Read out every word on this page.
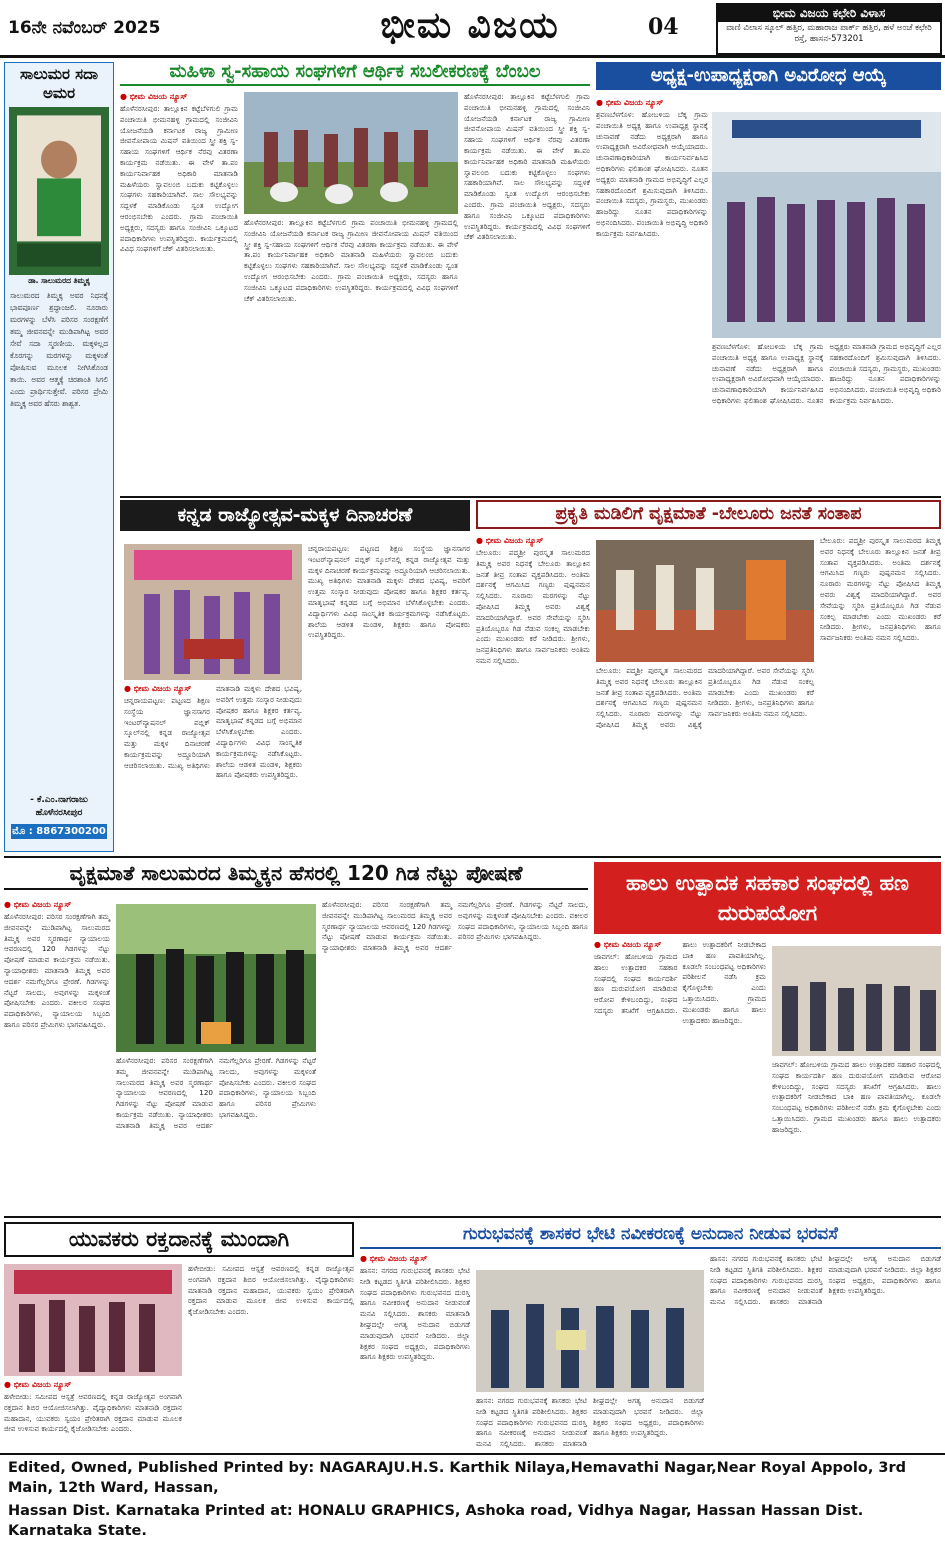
16ನೇ ನವೆಂಬರ್ 2025	ಭೀಮ ವಿಜಯ	04
ಭೀಮ ವಿಜಯ ಕಛೇರಿ ವಿಳಾಸ
ವಾಣಿ ವಿಲಾಸ ಸ್ಕೂಲ್ ಹತ್ತಿರ, ಮಹಾರಾಜ ಪಾರ್ಕ್ ಹತ್ತಿರ, ಹಳೆ ಅಂಚೆ ಕಛೇರಿ ರಸ್ತೆ, ಹಾಸನ-573201
ಸಾಲುಮರ ಸದಾ ಅಮರ
ಡಾ. ಸಾಲುಮರದ ತಿಮ್ಮಕ್ಕ
ಸಾಲುಮರದ ತಿಮ್ಮಕ್ಕ ಅವರ ನಿಧನಕ್ಕೆ ಭಾವಪೂರ್ಣ ಶ್ರದ್ಧಾಂಜಲಿ. ನೂರಾರು ಮರಗಳನ್ನು ಬೆಳೆಸಿ ಪರಿಸರ ಸಂರಕ್ಷಣೆಗೆ ತಮ್ಮ ಜೀವನವನ್ನೇ ಮುಡಿಪಾಗಿಟ್ಟ ಅವರ ಸೇವೆ ಸದಾ ಸ್ಮರಣೀಯ. ಮಕ್ಕಳಿಲ್ಲದ ಕೊರಗನ್ನು ಮರಗಳನ್ನು ಮಕ್ಕಳಂತೆ ಪೋಷಿಸುವ ಮೂಲಕ ನೀಗಿಸಿಕೊಂಡ ತಾಯಿ. ಅವರ ಆತ್ಮಕ್ಕೆ ಚಿರಶಾಂತಿ ಸಿಗಲಿ ಎಂದು ಪ್ರಾರ್ಥಿಸುತ್ತೇವೆ. ಪರಿಸರ ಪ್ರೇಮಿ ತಿಮ್ಮಕ್ಕ ಅವರ ಹೆಸರು ಶಾಶ್ವತ.
- ಕೆ.ಎಂ.ನಾಗರಾಜು ಹೊಳೆನರಸೀಪುರ
ಮೊ : 8867300200
ಮಹಿಳಾ ಸ್ವ-ಸಹಾಯ ಸಂಘಗಳಿಗೆ ಆರ್ಥಿಕ ಸಬಲೀಕರಣಕ್ಕೆ ಬೆಂಬಲ
● ಭೀಮ ವಿಜಯ ನ್ಯೂಸ್
ಹೊಳೆನರಸೀಪುರ: ತಾಲ್ಲೂಕಿನ ಕಟ್ಟೆಬೆಳಗುಲಿ ಗ್ರಾಮ ಪಂಚಾಯಿತಿ ಭೀಮನಹಳ್ಳಿ ಗ್ರಾಮದಲ್ಲಿ ಸಂಜೀವಿನಿ ಯೋಜನೆಯಡಿ ಕರ್ನಾಟಕ ರಾಜ್ಯ ಗ್ರಾಮೀಣ ಜೀವನೋಪಾಯ ಮಿಷನ್ ವತಿಯಿಂದ ಸ್ತ್ರೀ ಶಕ್ತಿ ಸ್ವ-ಸಹಾಯ ಸಂಘಗಳಿಗೆ ಆರ್ಥಿಕ ನೆರವು ವಿತರಣಾ ಕಾರ್ಯಕ್ರಮ ನಡೆಯಿತು. ಈ ವೇಳೆ ತಾ.ಪಂ ಕಾರ್ಯನಿರ್ವಾಹಕ ಅಧಿಕಾರಿ ಮಾತನಾಡಿ ಮಹಿಳೆಯರು ಸ್ವಾವಲಂಬಿ ಬದುಕು ಕಟ್ಟಿಕೊಳ್ಳಲು ಸಂಘಗಳು ಸಹಕಾರಿಯಾಗಿವೆ. ಸಾಲ ಸೌಲಭ್ಯವನ್ನು ಸದ್ಬಳಕೆ ಮಾಡಿಕೊಂಡು ಸ್ವಂತ ಉದ್ಯೋಗ ಆರಂಭಿಸಬೇಕು ಎಂದರು. ಗ್ರಾಮ ಪಂಚಾಯಿತಿ ಅಧ್ಯಕ್ಷರು, ಸದಸ್ಯರು ಹಾಗೂ ಸಂಜೀವಿನಿ ಒಕ್ಕೂಟದ ಪದಾಧಿಕಾರಿಗಳು ಉಪಸ್ಥಿತರಿದ್ದರು. ಕಾರ್ಯಕ್ರಮದಲ್ಲಿ ವಿವಿಧ ಸಂಘಗಳಿಗೆ ಚೆಕ್ ವಿತರಿಸಲಾಯಿತು.
ಹೊಳೆನರಸೀಪುರ: ತಾಲ್ಲೂಕಿನ ಕಟ್ಟೆಬೆಳಗುಲಿ ಗ್ರಾಮ ಪಂಚಾಯಿತಿ ಭೀಮನಹಳ್ಳಿ ಗ್ರಾಮದಲ್ಲಿ ಸಂಜೀವಿನಿ ಯೋಜನೆಯಡಿ ಕರ್ನಾಟಕ ರಾಜ್ಯ ಗ್ರಾಮೀಣ ಜೀವನೋಪಾಯ ಮಿಷನ್ ವತಿಯಿಂದ ಸ್ತ್ರೀ ಶಕ್ತಿ ಸ್ವ-ಸಹಾಯ ಸಂಘಗಳಿಗೆ ಆರ್ಥಿಕ ನೆರವು ವಿತರಣಾ ಕಾರ್ಯಕ್ರಮ ನಡೆಯಿತು. ಈ ವೇಳೆ ತಾ.ಪಂ ಕಾರ್ಯನಿರ್ವಾಹಕ ಅಧಿಕಾರಿ ಮಾತನಾಡಿ ಮಹಿಳೆಯರು ಸ್ವಾವಲಂಬಿ ಬದುಕು ಕಟ್ಟಿಕೊಳ್ಳಲು ಸಂಘಗಳು ಸಹಕಾರಿಯಾಗಿವೆ. ಸಾಲ ಸೌಲಭ್ಯವನ್ನು ಸದ್ಬಳಕೆ ಮಾಡಿಕೊಂಡು ಸ್ವಂತ ಉದ್ಯೋಗ ಆರಂಭಿಸಬೇಕು ಎಂದರು. ಗ್ರಾಮ ಪಂಚಾಯಿತಿ ಅಧ್ಯಕ್ಷರು, ಸದಸ್ಯರು ಹಾಗೂ ಸಂಜೀವಿನಿ ಒಕ್ಕೂಟದ ಪದಾಧಿಕಾರಿಗಳು ಉಪಸ್ಥಿತರಿದ್ದರು. ಕಾರ್ಯಕ್ರಮದಲ್ಲಿ ವಿವಿಧ ಸಂಘಗಳಿಗೆ ಚೆಕ್ ವಿತರಿಸಲಾಯಿತು.
ಹೊಳೆನರಸೀಪುರ: ತಾಲ್ಲೂಕಿನ ಕಟ್ಟೆಬೆಳಗುಲಿ ಗ್ರಾಮ ಪಂಚಾಯಿತಿ ಭೀಮನಹಳ್ಳಿ ಗ್ರಾಮದಲ್ಲಿ ಸಂಜೀವಿನಿ ಯೋಜನೆಯಡಿ ಕರ್ನಾಟಕ ರಾಜ್ಯ ಗ್ರಾಮೀಣ ಜೀವನೋಪಾಯ ಮಿಷನ್ ವತಿಯಿಂದ ಸ್ತ್ರೀ ಶಕ್ತಿ ಸ್ವ-ಸಹಾಯ ಸಂಘಗಳಿಗೆ ಆರ್ಥಿಕ ನೆರವು ವಿತರಣಾ ಕಾರ್ಯಕ್ರಮ ನಡೆಯಿತು. ಈ ವೇಳೆ ತಾ.ಪಂ ಕಾರ್ಯನಿರ್ವಾಹಕ ಅಧಿಕಾರಿ ಮಾತನಾಡಿ ಮಹಿಳೆಯರು ಸ್ವಾವಲಂಬಿ ಬದುಕು ಕಟ್ಟಿಕೊಳ್ಳಲು ಸಂಘಗಳು ಸಹಕಾರಿಯಾಗಿವೆ. ಸಾಲ ಸೌಲಭ್ಯವನ್ನು ಸದ್ಬಳಕೆ ಮಾಡಿಕೊಂಡು ಸ್ವಂತ ಉದ್ಯೋಗ ಆರಂಭಿಸಬೇಕು ಎಂದರು. ಗ್ರಾಮ ಪಂಚಾಯಿತಿ ಅಧ್ಯಕ್ಷರು, ಸದಸ್ಯರು ಹಾಗೂ ಸಂಜೀವಿನಿ ಒಕ್ಕೂಟದ ಪದಾಧಿಕಾರಿಗಳು ಉಪಸ್ಥಿತರಿದ್ದರು. ಕಾರ್ಯಕ್ರಮದಲ್ಲಿ ವಿವಿಧ ಸಂಘಗಳಿಗೆ ಚೆಕ್ ವಿತರಿಸಲಾಯಿತು.
ಅಧ್ಯಕ್ಷ-ಉಪಾಧ್ಯಕ್ಷರಾಗಿ ಅವಿರೋಧ ಆಯ್ಕೆ
● ಭೀಮ ವಿಜಯ ನ್ಯೂಸ್
ಶ್ರವಣಬೆಳಗೊಳ: ಹೋಬಳಿಯ ಬೆಕ್ಕ ಗ್ರಾಮ ಪಂಚಾಯಿತಿ ಅಧ್ಯಕ್ಷ ಹಾಗೂ ಉಪಾಧ್ಯಕ್ಷ ಸ್ಥಾನಕ್ಕೆ ಚುನಾವಣೆ ನಡೆದು ಅಧ್ಯಕ್ಷರಾಗಿ ಹಾಗೂ ಉಪಾಧ್ಯಕ್ಷರಾಗಿ ಅವಿರೋಧವಾಗಿ ಆಯ್ಕೆಯಾದರು. ಚುನಾವಣಾಧಿಕಾರಿಯಾಗಿ ಕಾರ್ಯನಿರ್ವಹಿಸಿದ ಅಧಿಕಾರಿಗಳು ಫಲಿತಾಂಶ ಘೋಷಿಸಿದರು. ನೂತನ ಅಧ್ಯಕ್ಷರು ಮಾತನಾಡಿ ಗ್ರಾಮದ ಅಭಿವೃದ್ಧಿಗೆ ಎಲ್ಲರ ಸಹಕಾರದೊಂದಿಗೆ ಶ್ರಮಿಸುವುದಾಗಿ ತಿಳಿಸಿದರು. ಪಂಚಾಯಿತಿ ಸದಸ್ಯರು, ಗ್ರಾಮಸ್ಥರು, ಮುಖಂಡರು ಹಾಜರಿದ್ದು ನೂತನ ಪದಾಧಿಕಾರಿಗಳನ್ನು ಅಭಿನಂದಿಸಿದರು. ಪಂಚಾಯಿತಿ ಅಭಿವೃದ್ಧಿ ಅಧಿಕಾರಿ ಕಾರ್ಯಕ್ರಮ ನಿರ್ವಹಿಸಿದರು.
ಶ್ರವಣಬೆಳಗೊಳ: ಹೋಬಳಿಯ ಬೆಕ್ಕ ಗ್ರಾಮ ಪಂಚಾಯಿತಿ ಅಧ್ಯಕ್ಷ ಹಾಗೂ ಉಪಾಧ್ಯಕ್ಷ ಸ್ಥಾನಕ್ಕೆ ಚುನಾವಣೆ ನಡೆದು ಅಧ್ಯಕ್ಷರಾಗಿ ಹಾಗೂ ಉಪಾಧ್ಯಕ್ಷರಾಗಿ ಅವಿರೋಧವಾಗಿ ಆಯ್ಕೆಯಾದರು. ಚುನಾವಣಾಧಿಕಾರಿಯಾಗಿ ಕಾರ್ಯನಿರ್ವಹಿಸಿದ ಅಧಿಕಾರಿಗಳು ಫಲಿತಾಂಶ ಘೋಷಿಸಿದರು. ನೂತನ ಅಧ್ಯಕ್ಷರು ಮಾತನಾಡಿ ಗ್ರಾಮದ ಅಭಿವೃದ್ಧಿಗೆ ಎಲ್ಲರ ಸಹಕಾರದೊಂದಿಗೆ ಶ್ರಮಿಸುವುದಾಗಿ ತಿಳಿಸಿದರು. ಪಂಚಾಯಿತಿ ಸದಸ್ಯರು, ಗ್ರಾಮಸ್ಥರು, ಮುಖಂಡರು ಹಾಜರಿದ್ದು ನೂತನ ಪದಾಧಿಕಾರಿಗಳನ್ನು ಅಭಿನಂದಿಸಿದರು. ಪಂಚಾಯಿತಿ ಅಭಿವೃದ್ಧಿ ಅಧಿಕಾರಿ ಕಾರ್ಯಕ್ರಮ ನಿರ್ವಹಿಸಿದರು.
ಕನ್ನಡ ರಾಜ್ಯೋತ್ಸವ-ಮಕ್ಕಳ ದಿನಾಚರಣೆ
● ಭೀಮ ವಿಜಯ ನ್ಯೂಸ್
ಚನ್ನರಾಯಪಟ್ಟಣ: ಪಟ್ಟಣದ ಶಿಕ್ಷಣ ಸಂಸ್ಥೆಯ ಜ್ಞಾನಸಾಗರ ಇಂಟರ್‌ನ್ಯಾಷನಲ್ ಪಬ್ಲಿಕ್ ಸ್ಕೂಲ್‌ನಲ್ಲಿ ಕನ್ನಡ ರಾಜ್ಯೋತ್ಸವ ಮತ್ತು ಮಕ್ಕಳ ದಿನಾಚರಣೆ ಕಾರ್ಯಕ್ರಮವನ್ನು ಅದ್ಧೂರಿಯಾಗಿ ಆಚರಿಸಲಾಯಿತು. ಮುಖ್ಯ ಅತಿಥಿಗಳು ಮಾತನಾಡಿ ಮಕ್ಕಳು ದೇಶದ ಭವಿಷ್ಯ, ಅವರಿಗೆ ಉತ್ತಮ ಸಂಸ್ಕಾರ ನೀಡುವುದು ಪೋಷಕರ ಹಾಗೂ ಶಿಕ್ಷಕರ ಕರ್ತವ್ಯ. ಮಾತೃಭಾಷೆ ಕನ್ನಡದ ಬಗ್ಗೆ ಅಭಿಮಾನ ಬೆಳೆಸಿಕೊಳ್ಳಬೇಕು ಎಂದರು. ವಿದ್ಯಾರ್ಥಿಗಳು ವಿವಿಧ ಸಾಂಸ್ಕೃತಿಕ ಕಾರ್ಯಕ್ರಮಗಳನ್ನು ನಡೆಸಿಕೊಟ್ಟರು. ಶಾಲೆಯ ಆಡಳಿತ ಮಂಡಳಿ, ಶಿಕ್ಷಕರು ಹಾಗೂ ಪೋಷಕರು ಉಪಸ್ಥಿತರಿದ್ದರು.
ಚನ್ನರಾಯಪಟ್ಟಣ: ಪಟ್ಟಣದ ಶಿಕ್ಷಣ ಸಂಸ್ಥೆಯ ಜ್ಞಾನಸಾಗರ ಇಂಟರ್‌ನ್ಯಾಷನಲ್ ಪಬ್ಲಿಕ್ ಸ್ಕೂಲ್‌ನಲ್ಲಿ ಕನ್ನಡ ರಾಜ್ಯೋತ್ಸವ ಮತ್ತು ಮಕ್ಕಳ ದಿನಾಚರಣೆ ಕಾರ್ಯಕ್ರಮವನ್ನು ಅದ್ಧೂರಿಯಾಗಿ ಆಚರಿಸಲಾಯಿತು. ಮುಖ್ಯ ಅತಿಥಿಗಳು ಮಾತನಾಡಿ ಮಕ್ಕಳು ದೇಶದ ಭವಿಷ್ಯ, ಅವರಿಗೆ ಉತ್ತಮ ಸಂಸ್ಕಾರ ನೀಡುವುದು ಪೋಷಕರ ಹಾಗೂ ಶಿಕ್ಷಕರ ಕರ್ತವ್ಯ. ಮಾತೃಭಾಷೆ ಕನ್ನಡದ ಬಗ್ಗೆ ಅಭಿಮಾನ ಬೆಳೆಸಿಕೊಳ್ಳಬೇಕು ಎಂದರು. ವಿದ್ಯಾರ್ಥಿಗಳು ವಿವಿಧ ಸಾಂಸ್ಕೃತಿಕ ಕಾರ್ಯಕ್ರಮಗಳನ್ನು ನಡೆಸಿಕೊಟ್ಟರು. ಶಾಲೆಯ ಆಡಳಿತ ಮಂಡಳಿ, ಶಿಕ್ಷಕರು ಹಾಗೂ ಪೋಷಕರು ಉಪಸ್ಥಿತರಿದ್ದರು.
ಪ್ರಕೃತಿ ಮಡಿಲಿಗೆ ವೃಕ್ಷಮಾತೆ -ಬೇಲೂರು ಜನತೆ ಸಂತಾಪ
● ಭೀಮ ವಿಜಯ ನ್ಯೂಸ್
ಬೇಲೂರು: ಪದ್ಮಶ್ರೀ ಪುರಸ್ಕೃತ ಸಾಲುಮರದ ತಿಮ್ಮಕ್ಕ ಅವರ ನಿಧನಕ್ಕೆ ಬೇಲೂರು ತಾಲ್ಲೂಕಿನ ಜನತೆ ತೀವ್ರ ಸಂತಾಪ ವ್ಯಕ್ತಪಡಿಸಿದರು. ಅಂತಿಮ ದರ್ಶನಕ್ಕೆ ಆಗಮಿಸಿದ ಗಣ್ಯರು ಪುಷ್ಪನಮನ ಸಲ್ಲಿಸಿದರು. ನೂರಾರು ಮರಗಳನ್ನು ನೆಟ್ಟು ಪೋಷಿಸಿದ ತಿಮ್ಮಕ್ಕ ಅವರು ವಿಶ್ವಕ್ಕೆ ಮಾದರಿಯಾಗಿದ್ದಾರೆ. ಅವರ ಸೇವೆಯನ್ನು ಸ್ಮರಿಸಿ ಪ್ರತಿಯೊಬ್ಬರೂ ಗಿಡ ನೆಡುವ ಸಂಕಲ್ಪ ಮಾಡಬೇಕು ಎಂದು ಮುಖಂಡರು ಕರೆ ನೀಡಿದರು. ಶ್ರೀಗಳು, ಜನಪ್ರತಿನಿಧಿಗಳು ಹಾಗೂ ಸಾರ್ವಜನಿಕರು ಅಂತಿಮ ನಮನ ಸಲ್ಲಿಸಿದರು.
ಬೇಲೂರು: ಪದ್ಮಶ್ರೀ ಪುರಸ್ಕೃತ ಸಾಲುಮರದ ತಿಮ್ಮಕ್ಕ ಅವರ ನಿಧನಕ್ಕೆ ಬೇಲೂರು ತಾಲ್ಲೂಕಿನ ಜನತೆ ತೀವ್ರ ಸಂತಾಪ ವ್ಯಕ್ತಪಡಿಸಿದರು. ಅಂತಿಮ ದರ್ಶನಕ್ಕೆ ಆಗಮಿಸಿದ ಗಣ್ಯರು ಪುಷ್ಪನಮನ ಸಲ್ಲಿಸಿದರು. ನೂರಾರು ಮರಗಳನ್ನು ನೆಟ್ಟು ಪೋಷಿಸಿದ ತಿಮ್ಮಕ್ಕ ಅವರು ವಿಶ್ವಕ್ಕೆ ಮಾದರಿಯಾಗಿದ್ದಾರೆ. ಅವರ ಸೇವೆಯನ್ನು ಸ್ಮರಿಸಿ ಪ್ರತಿಯೊಬ್ಬರೂ ಗಿಡ ನೆಡುವ ಸಂಕಲ್ಪ ಮಾಡಬೇಕು ಎಂದು ಮುಖಂಡರು ಕರೆ ನೀಡಿದರು. ಶ್ರೀಗಳು, ಜನಪ್ರತಿನಿಧಿಗಳು ಹಾಗೂ ಸಾರ್ವಜನಿಕರು ಅಂತಿಮ ನಮನ ಸಲ್ಲಿಸಿದರು.
ಬೇಲೂರು: ಪದ್ಮಶ್ರೀ ಪುರಸ್ಕೃತ ಸಾಲುಮರದ ತಿಮ್ಮಕ್ಕ ಅವರ ನಿಧನಕ್ಕೆ ಬೇಲೂರು ತಾಲ್ಲೂಕಿನ ಜನತೆ ತೀವ್ರ ಸಂತಾಪ ವ್ಯಕ್ತಪಡಿಸಿದರು. ಅಂತಿಮ ದರ್ಶನಕ್ಕೆ ಆಗಮಿಸಿದ ಗಣ್ಯರು ಪುಷ್ಪನಮನ ಸಲ್ಲಿಸಿದರು. ನೂರಾರು ಮರಗಳನ್ನು ನೆಟ್ಟು ಪೋಷಿಸಿದ ತಿಮ್ಮಕ್ಕ ಅವರು ವಿಶ್ವಕ್ಕೆ ಮಾದರಿಯಾಗಿದ್ದಾರೆ. ಅವರ ಸೇವೆಯನ್ನು ಸ್ಮರಿಸಿ ಪ್ರತಿಯೊಬ್ಬರೂ ಗಿಡ ನೆಡುವ ಸಂಕಲ್ಪ ಮಾಡಬೇಕು ಎಂದು ಮುಖಂಡರು ಕರೆ ನೀಡಿದರು. ಶ್ರೀಗಳು, ಜನಪ್ರತಿನಿಧಿಗಳು ಹಾಗೂ ಸಾರ್ವಜನಿಕರು ಅಂತಿಮ ನಮನ ಸಲ್ಲಿಸಿದರು.
ವೃಕ್ಷಮಾತೆ ಸಾಲುಮರದ ತಿಮ್ಮಕ್ಕನ ಹೆಸರಲ್ಲಿ 120 ಗಿಡ ನೆಟ್ಟು ಪೋಷಣೆ
● ಭೀಮ ವಿಜಯ ನ್ಯೂಸ್
ಹೊಳೆನರಸೀಪುರ: ಪರಿಸರ ಸಂರಕ್ಷಣೆಗಾಗಿ ತಮ್ಮ ಜೀವನವನ್ನೇ ಮುಡಿಪಾಗಿಟ್ಟ ಸಾಲುಮರದ ತಿಮ್ಮಕ್ಕ ಅವರ ಸ್ಮರಣಾರ್ಥ ನ್ಯಾಯಾಲಯ ಆವರಣದಲ್ಲಿ 120 ಗಿಡಗಳನ್ನು ನೆಟ್ಟು ಪೋಷಣೆ ಮಾಡುವ ಕಾರ್ಯಕ್ರಮ ನಡೆಯಿತು. ನ್ಯಾಯಾಧೀಶರು ಮಾತನಾಡಿ ತಿಮ್ಮಕ್ಕ ಅವರ ಆದರ್ಶ ನಮಗೆಲ್ಲರಿಗೂ ಪ್ರೇರಣೆ. ಗಿಡಗಳನ್ನು ನೆಟ್ಟರೆ ಸಾಲದು, ಅವುಗಳನ್ನು ಮಕ್ಕಳಂತೆ ಪೋಷಿಸಬೇಕು ಎಂದರು. ವಕೀಲರ ಸಂಘದ ಪದಾಧಿಕಾರಿಗಳು, ನ್ಯಾಯಾಲಯ ಸಿಬ್ಬಂದಿ ಹಾಗೂ ಪರಿಸರ ಪ್ರೇಮಿಗಳು ಭಾಗವಹಿಸಿದ್ದರು.
ಹೊಳೆನರಸೀಪುರ: ಪರಿಸರ ಸಂರಕ್ಷಣೆಗಾಗಿ ತಮ್ಮ ಜೀವನವನ್ನೇ ಮುಡಿಪಾಗಿಟ್ಟ ಸಾಲುಮರದ ತಿಮ್ಮಕ್ಕ ಅವರ ಸ್ಮರಣಾರ್ಥ ನ್ಯಾಯಾಲಯ ಆವರಣದಲ್ಲಿ 120 ಗಿಡಗಳನ್ನು ನೆಟ್ಟು ಪೋಷಣೆ ಮಾಡುವ ಕಾರ್ಯಕ್ರಮ ನಡೆಯಿತು. ನ್ಯಾಯಾಧೀಶರು ಮಾತನಾಡಿ ತಿಮ್ಮಕ್ಕ ಅವರ ಆದರ್ಶ ನಮಗೆಲ್ಲರಿಗೂ ಪ್ರೇರಣೆ. ಗಿಡಗಳನ್ನು ನೆಟ್ಟರೆ ಸಾಲದು, ಅವುಗಳನ್ನು ಮಕ್ಕಳಂತೆ ಪೋಷಿಸಬೇಕು ಎಂದರು. ವಕೀಲರ ಸಂಘದ ಪದಾಧಿಕಾರಿಗಳು, ನ್ಯಾಯಾಲಯ ಸಿಬ್ಬಂದಿ ಹಾಗೂ ಪರಿಸರ ಪ್ರೇಮಿಗಳು ಭಾಗವಹಿಸಿದ್ದರು.
ಹೊಳೆನರಸೀಪುರ: ಪರಿಸರ ಸಂರಕ್ಷಣೆಗಾಗಿ ತಮ್ಮ ಜೀವನವನ್ನೇ ಮುಡಿಪಾಗಿಟ್ಟ ಸಾಲುಮರದ ತಿಮ್ಮಕ್ಕ ಅವರ ಸ್ಮರಣಾರ್ಥ ನ್ಯಾಯಾಲಯ ಆವರಣದಲ್ಲಿ 120 ಗಿಡಗಳನ್ನು ನೆಟ್ಟು ಪೋಷಣೆ ಮಾಡುವ ಕಾರ್ಯಕ್ರಮ ನಡೆಯಿತು. ನ್ಯಾಯಾಧೀಶರು ಮಾತನಾಡಿ ತಿಮ್ಮಕ್ಕ ಅವರ ಆದರ್ಶ ನಮಗೆಲ್ಲರಿಗೂ ಪ್ರೇರಣೆ. ಗಿಡಗಳನ್ನು ನೆಟ್ಟರೆ ಸಾಲದು, ಅವುಗಳನ್ನು ಮಕ್ಕಳಂತೆ ಪೋಷಿಸಬೇಕು ಎಂದರು. ವಕೀಲರ ಸಂಘದ ಪದಾಧಿಕಾರಿಗಳು, ನ್ಯಾಯಾಲಯ ಸಿಬ್ಬಂದಿ ಹಾಗೂ ಪರಿಸರ ಪ್ರೇಮಿಗಳು ಭಾಗವಹಿಸಿದ್ದರು.
ಹಾಲು ಉತ್ಪಾದಕ ಸಹಕಾರ ಸಂಘದಲ್ಲಿ ಹಣ ದುರುಪಯೋಗ
● ಭೀಮ ವಿಜಯ ನ್ಯೂಸ್
ಜಾವಗಲ್: ಹೋಬಳಿಯ ಗ್ರಾಮದ ಹಾಲು ಉತ್ಪಾದಕರ ಸಹಕಾರ ಸಂಘದಲ್ಲಿ ಸಂಘದ ಕಾರ್ಯದರ್ಶಿ ಹಣ ದುರುಪಯೋಗ ಮಾಡಿರುವ ಆರೋಪ ಕೇಳಿಬಂದಿದ್ದು, ಸಂಘದ ಸದಸ್ಯರು ತನಿಖೆಗೆ ಆಗ್ರಹಿಸಿದರು. ಹಾಲು ಉತ್ಪಾದಕರಿಗೆ ನೀಡಬೇಕಾದ ಬಾಕಿ ಹಣ ಪಾವತಿಯಾಗಿಲ್ಲ. ಕೂಡಲೇ ಸಂಬಂಧಪಟ್ಟ ಅಧಿಕಾರಿಗಳು ಪರಿಶೀಲನೆ ನಡೆಸಿ ಕ್ರಮ ಕೈಗೊಳ್ಳಬೇಕು ಎಂದು ಒತ್ತಾಯಿಸಿದರು. ಗ್ರಾಮದ ಮುಖಂಡರು ಹಾಗೂ ಹಾಲು ಉತ್ಪಾದಕರು ಹಾಜರಿದ್ದರು.
ಜಾವಗಲ್: ಹೋಬಳಿಯ ಗ್ರಾಮದ ಹಾಲು ಉತ್ಪಾದಕರ ಸಹಕಾರ ಸಂಘದಲ್ಲಿ ಸಂಘದ ಕಾರ್ಯದರ್ಶಿ ಹಣ ದುರುಪಯೋಗ ಮಾಡಿರುವ ಆರೋಪ ಕೇಳಿಬಂದಿದ್ದು, ಸಂಘದ ಸದಸ್ಯರು ತನಿಖೆಗೆ ಆಗ್ರಹಿಸಿದರು. ಹಾಲು ಉತ್ಪಾದಕರಿಗೆ ನೀಡಬೇಕಾದ ಬಾಕಿ ಹಣ ಪಾವತಿಯಾಗಿಲ್ಲ. ಕೂಡಲೇ ಸಂಬಂಧಪಟ್ಟ ಅಧಿಕಾರಿಗಳು ಪರಿಶೀಲನೆ ನಡೆಸಿ ಕ್ರಮ ಕೈಗೊಳ್ಳಬೇಕು ಎಂದು ಒತ್ತಾಯಿಸಿದರು. ಗ್ರಾಮದ ಮುಖಂಡರು ಹಾಗೂ ಹಾಲು ಉತ್ಪಾದಕರು ಹಾಜರಿದ್ದರು.
ಯುವಕರು ರಕ್ತದಾನಕ್ಕೆ ಮುಂದಾಗಿ
● ಭೀಮ ವಿಜಯ ನ್ಯೂಸ್
ಹಳೇಬೀಡು: ಸಮೀಪದ ಆಸ್ಪತ್ರೆ ಆವರಣದಲ್ಲಿ ಕನ್ನಡ ರಾಜ್ಯೋತ್ಸವ ಅಂಗವಾಗಿ ರಕ್ತದಾನ ಶಿಬಿರ ಆಯೋಜಿಸಲಾಗಿತ್ತು. ವೈದ್ಯಾಧಿಕಾರಿಗಳು ಮಾತನಾಡಿ ರಕ್ತದಾನ ಮಹಾದಾನ, ಯುವಕರು ಸ್ವಯಂ ಪ್ರೇರಿತರಾಗಿ ರಕ್ತದಾನ ಮಾಡುವ ಮೂಲಕ ಜೀವ ಉಳಿಸುವ ಕಾರ್ಯದಲ್ಲಿ ಕೈಜೋಡಿಸಬೇಕು ಎಂದರು.
ಹಳೇಬೀಡು: ಸಮೀಪದ ಆಸ್ಪತ್ರೆ ಆವರಣದಲ್ಲಿ ಕನ್ನಡ ರಾಜ್ಯೋತ್ಸವ ಅಂಗವಾಗಿ ರಕ್ತದಾನ ಶಿಬಿರ ಆಯೋಜಿಸಲಾಗಿತ್ತು. ವೈದ್ಯಾಧಿಕಾರಿಗಳು ಮಾತನಾಡಿ ರಕ್ತದಾನ ಮಹಾದಾನ, ಯುವಕರು ಸ್ವಯಂ ಪ್ರೇರಿತರಾಗಿ ರಕ್ತದಾನ ಮಾಡುವ ಮೂಲಕ ಜೀವ ಉಳಿಸುವ ಕಾರ್ಯದಲ್ಲಿ ಕೈಜೋಡಿಸಬೇಕು ಎಂದರು.
ಗುರುಭವನಕ್ಕೆ ಶಾಸಕರ ಭೇಟಿ ನವೀಕರಣಕ್ಕೆ ಅನುದಾನ ನೀಡುವ ಭರವಸೆ
● ಭೀಮ ವಿಜಯ ನ್ಯೂಸ್
ಹಾಸನ: ನಗರದ ಗುರುಭವನಕ್ಕೆ ಶಾಸಕರು ಭೇಟಿ ನೀಡಿ ಕಟ್ಟಡದ ಸ್ಥಿತಿಗತಿ ಪರಿಶೀಲಿಸಿದರು. ಶಿಕ್ಷಕರ ಸಂಘದ ಪದಾಧಿಕಾರಿಗಳು ಗುರುಭವನದ ದುರಸ್ತಿ ಹಾಗೂ ನವೀಕರಣಕ್ಕೆ ಅನುದಾನ ನೀಡುವಂತೆ ಮನವಿ ಸಲ್ಲಿಸಿದರು. ಶಾಸಕರು ಮಾತನಾಡಿ ಶೀಘ್ರದಲ್ಲೇ ಅಗತ್ಯ ಅನುದಾನ ಬಿಡುಗಡೆ ಮಾಡುವುದಾಗಿ ಭರವಸೆ ನೀಡಿದರು. ಜಿಲ್ಲಾ ಶಿಕ್ಷಕರ ಸಂಘದ ಅಧ್ಯಕ್ಷರು, ಪದಾಧಿಕಾರಿಗಳು ಹಾಗೂ ಶಿಕ್ಷಕರು ಉಪಸ್ಥಿತರಿದ್ದರು.
ಹಾಸನ: ನಗರದ ಗುರುಭವನಕ್ಕೆ ಶಾಸಕರು ಭೇಟಿ ನೀಡಿ ಕಟ್ಟಡದ ಸ್ಥಿತಿಗತಿ ಪರಿಶೀಲಿಸಿದರು. ಶಿಕ್ಷಕರ ಸಂಘದ ಪದಾಧಿಕಾರಿಗಳು ಗುರುಭವನದ ದುರಸ್ತಿ ಹಾಗೂ ನವೀಕರಣಕ್ಕೆ ಅನುದಾನ ನೀಡುವಂತೆ ಮನವಿ ಸಲ್ಲಿಸಿದರು. ಶಾಸಕರು ಮಾತನಾಡಿ ಶೀಘ್ರದಲ್ಲೇ ಅಗತ್ಯ ಅನುದಾನ ಬಿಡುಗಡೆ ಮಾಡುವುದಾಗಿ ಭರವಸೆ ನೀಡಿದರು. ಜಿಲ್ಲಾ ಶಿಕ್ಷಕರ ಸಂಘದ ಅಧ್ಯಕ್ಷರು, ಪದಾಧಿಕಾರಿಗಳು ಹಾಗೂ ಶಿಕ್ಷಕರು ಉಪಸ್ಥಿತರಿದ್ದರು.
ಹಾಸನ: ನಗರದ ಗುರುಭವನಕ್ಕೆ ಶಾಸಕರು ಭೇಟಿ ನೀಡಿ ಕಟ್ಟಡದ ಸ್ಥಿತಿಗತಿ ಪರಿಶೀಲಿಸಿದರು. ಶಿಕ್ಷಕರ ಸಂಘದ ಪದಾಧಿಕಾರಿಗಳು ಗುರುಭವನದ ದುರಸ್ತಿ ಹಾಗೂ ನವೀಕರಣಕ್ಕೆ ಅನುದಾನ ನೀಡುವಂತೆ ಮನವಿ ಸಲ್ಲಿಸಿದರು. ಶಾಸಕರು ಮಾತನಾಡಿ ಶೀಘ್ರದಲ್ಲೇ ಅಗತ್ಯ ಅನುದಾನ ಬಿಡುಗಡೆ ಮಾಡುವುದಾಗಿ ಭರವಸೆ ನೀಡಿದರು. ಜಿಲ್ಲಾ ಶಿಕ್ಷಕರ ಸಂಘದ ಅಧ್ಯಕ್ಷರು, ಪದಾಧಿಕಾರಿಗಳು ಹಾಗೂ ಶಿಕ್ಷಕರು ಉಪಸ್ಥಿತರಿದ್ದರು.
Edited, Owned, Published Printed by: NAGARAJU.H.S. Karthik Nilaya,Hemavathi Nagar,Near Royal Appolo, 3rd Main, 12th Ward, Hassan,
Hassan Dist. Karnataka Printed at: HONALU GRAPHICS, Ashoka road, Vidhya Nagar, Hassan Hassan Dist. Karnataka State.
